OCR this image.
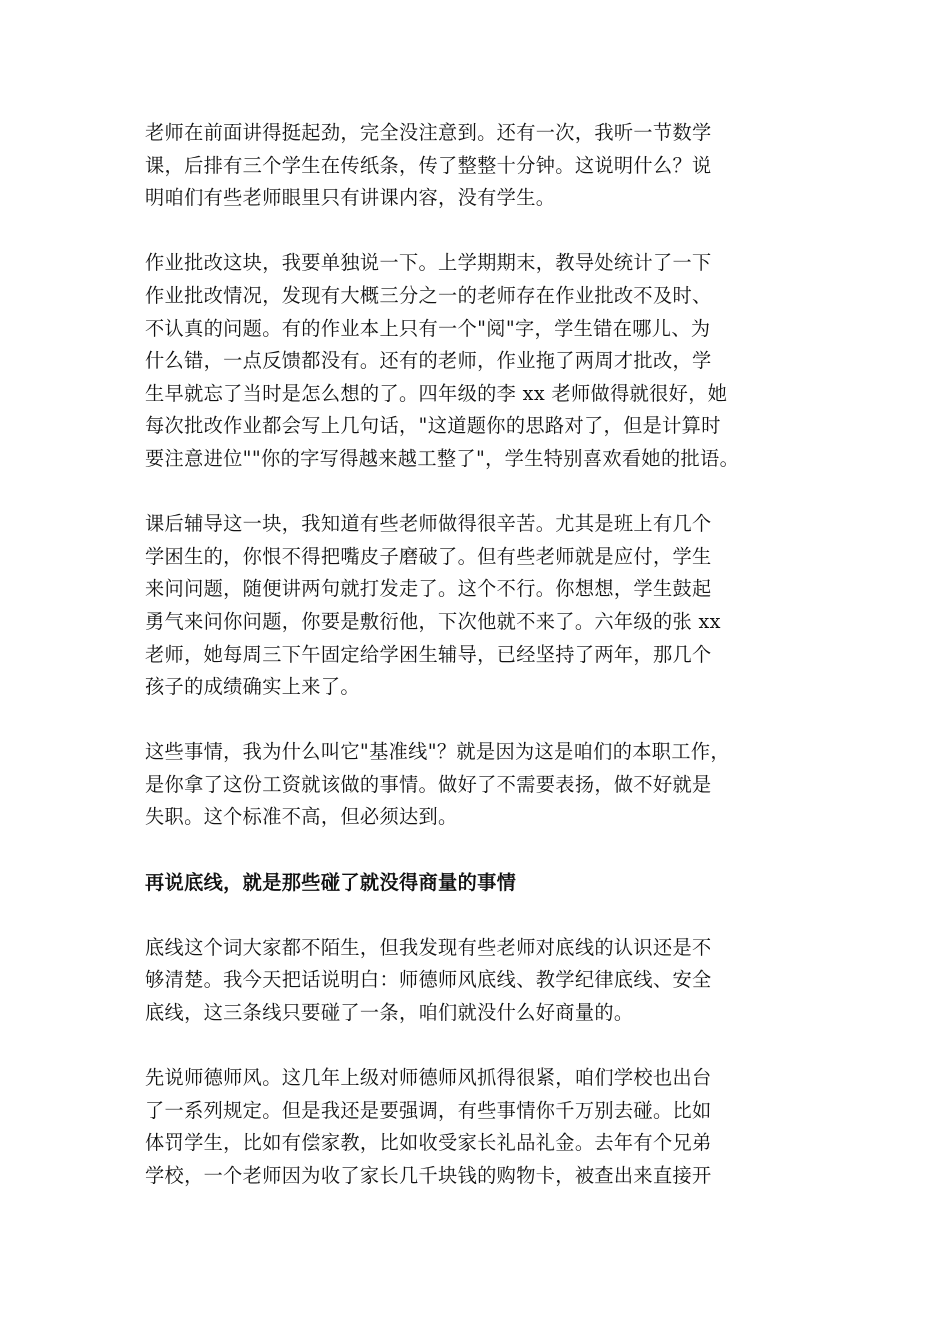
老师在前面讲得挺起劲，完全没注意到。还有一次，我听一节数学
课，后排有三个学生在传纸条，传了整整十分钟。这说明什么？说
明咱们有些老师眼里只有讲课内容，没有学生。

作业批改这块，我要单独说一下。上学期期末，教导处统计了一下
作业批改情况，发现有大概三分之一的老师存在作业批改不及时、
不认真的问题。有的作业本上只有一个"阅"字，学生错在哪儿、为
什么错，一点反馈都没有。还有的老师，作业拖了两周才批改，学
生早就忘了当时是怎么想的了。四年级的李 xx 老师做得就很好，她
每次批改作业都会写上几句话，"这道题你的思路对了，但是计算时
要注意进位""你的字写得越来越工整了"，学生特别喜欢看她的批语。

课后辅导这一块，我知道有些老师做得很辛苦。尤其是班上有几个
学困生的，你恨不得把嘴皮子磨破了。但有些老师就是应付，学生
来问问题，随便讲两句就打发走了。这个不行。你想想，学生鼓起
勇气来问你问题，你要是敷衍他，下次他就不来了。六年级的张 xx
老师，她每周三下午固定给学困生辅导，已经坚持了两年，那几个
孩子的成绩确实上来了。

这些事情，我为什么叫它"基准线"？就是因为这是咱们的本职工作，
是你拿了这份工资就该做的事情。做好了不需要表扬，做不好就是
失职。这个标准不高，但必须达到。

再说底线，就是那些碰了就没得商量的事情

底线这个词大家都不陌生，但我发现有些老师对底线的认识还是不
够清楚。我今天把话说明白：师德师风底线、教学纪律底线、安全
底线，这三条线只要碰了一条，咱们就没什么好商量的。

先说师德师风。这几年上级对师德师风抓得很紧，咱们学校也出台
了一系列规定。但是我还是要强调，有些事情你千万别去碰。比如
体罚学生，比如有偿家教，比如收受家长礼品礼金。去年有个兄弟
学校，一个老师因为收了家长几千块钱的购物卡，被查出来直接开
